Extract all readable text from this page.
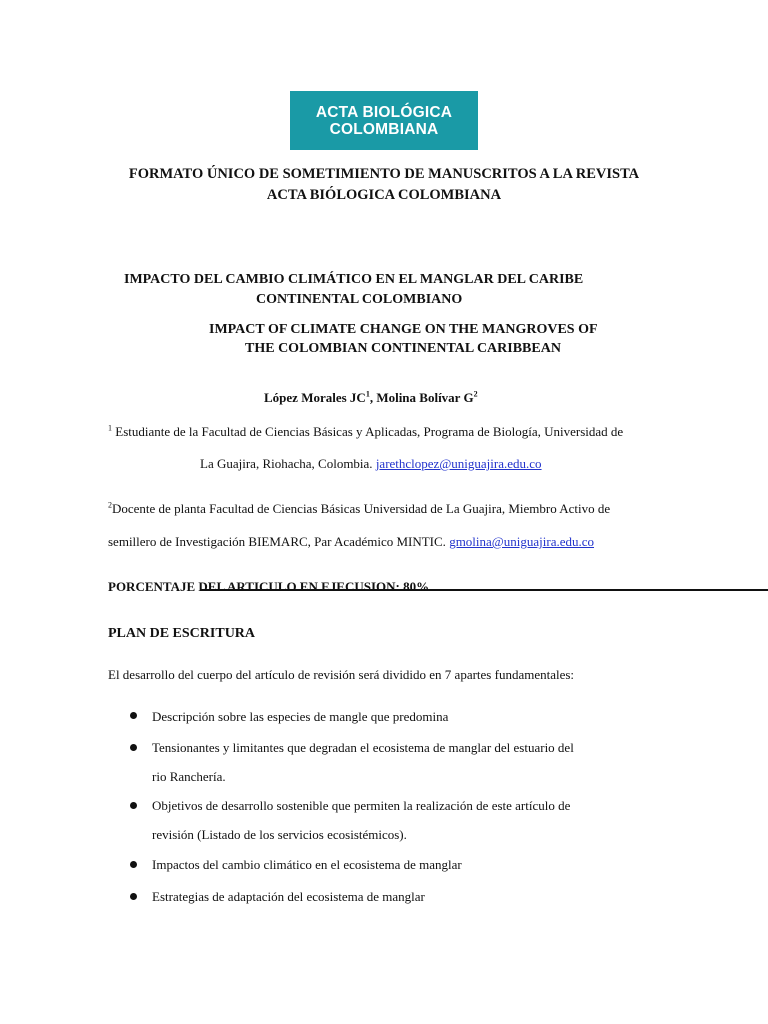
ACTA BIOLÓGICA
COLOMBIANA
FORMATO ÚNICO DE SOMETIMIENTO DE MANUSCRITOS A LA REVISTA
ACTA BIÓLOGICA COLOMBIANA
IMPACTO DEL CAMBIO CLIMÁTICO EN EL MANGLAR DEL CARIBE
CONTINENTAL COLOMBIANO
IMPACT OF CLIMATE CHANGE ON THE MANGROVES OF
THE COLOMBIAN CONTINENTAL CARIBBEAN
López Morales $JC^1$, Molina Bolívar $G^2$
$^1$ Estudiante de la Facultad de Ciencias Básicas y Aplicadas, Programa de Biología, Universidad de
La Guajira, Riohacha, Colombia. jarethclopez@uniguajira.edu.co
$^2$Docente de planta Facultad de Ciencias Básicas Universidad de La Guajira, Miembro Activo de
semillero de Investigación BIEMARC, Par Académico MINTIC. gmolina@uniguajira.edu.co
PORCENTAJE DEL ARTICULO EN EJECUSION: 80%
PLAN DE ESCRITURA
El desarrollo del cuerpo del artículo de revisión será dividido en 7 apartes fundamentales:
Descripción sobre las especies de mangle que predomina
Tensionantes y limitantes que degradan el ecosistema de manglar del estuario del
rio Ranchería.
Objetivos de desarrollo sostenible que permiten la realización de este artículo de
revisión (Listado de los servicios ecosistémicos).
Impactos del cambio climático en el ecosistema de manglar
Estrategias de adaptación del ecosistema de manglar
